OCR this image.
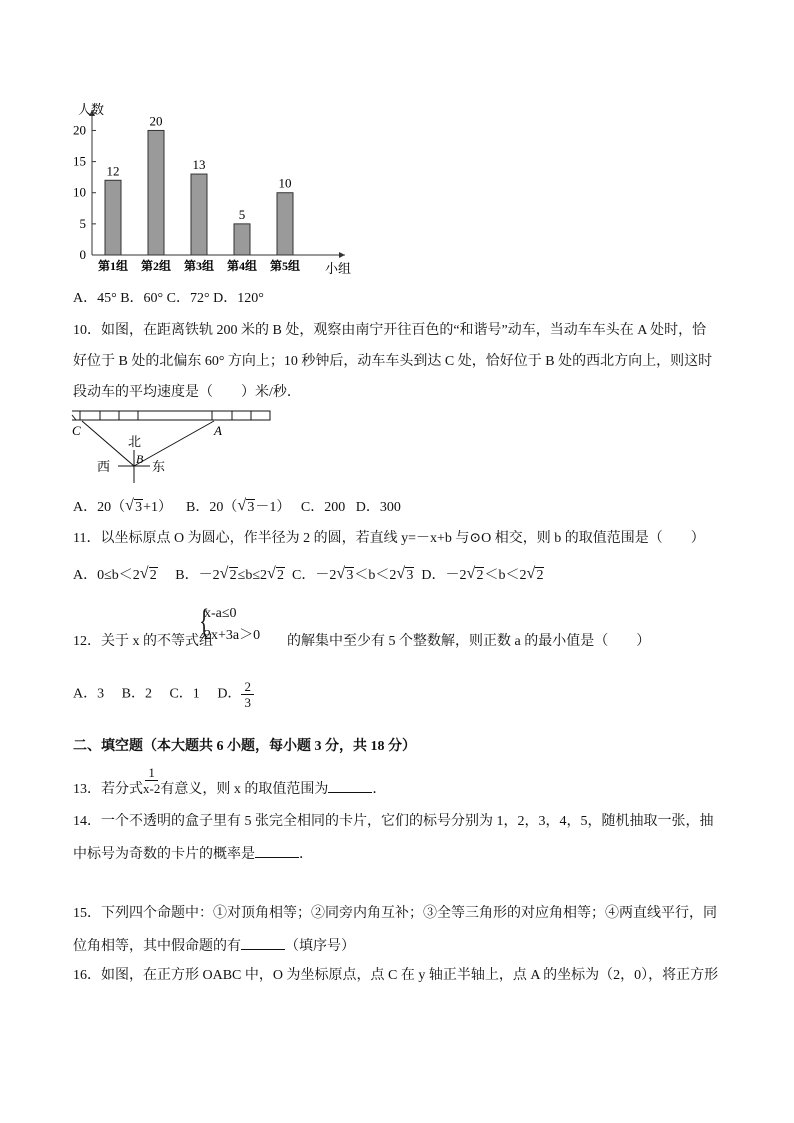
人数
小组
0
5
10
15
20
12
第1组
20
第2组
13
第3组
5
第4组
10
第5组
A．45° B．60° C．72° D．120°
10．如图，在距离铁轨 200 米的 B 处，观察由南宁开往百色的“和谐号”动车，当动车车头在 A 处时，恰
好位于 B 处的北偏东 60° 方向上；10 秒钟后，动车车头到达 C 处，恰好位于 B 处的西北方向上，则这时
段动车的平均速度是（　　）米/秒．
C	A
北
B
西	东
A．20（ √ 3+1） B．20（ √ 3－1） C．200 D．300
11．以坐标原点 O 为圆心，作半径为 2 的圆，若直线 y=－x+b 与⊙O 相交，则 b 的取值范围是（　　）
A．0≤b＜2 √ 2 B．－2 √ 2≤b≤2 √ 2 C．－2 √ 3＜b＜2 √ 3 D．－2 √ 2＜b＜2 √ 2
{
x-a≤0
2x+3a＞0
12．关于 x 的不等式组	的解集中至少有 5 个整数解，则正数 a 的最小值是（　　）
A．3 B．2 C．1 D． $\frac{2}{3}$
二、填空题（本大题共 6 小题，每小题 3 分，共 18 分）
13．若分式 $\frac{1}{x-2}$ 有意义，则 x 的取值范围为	．
14．一个不透明的盒子里有 5 张完全相同的卡片，它们的标号分别为 1，2，3，4，5，随机抽取一张，抽
中标号为奇数的卡片的概率是	．
15．下列四个命题中：①对顶角相等；②同旁内角互补；③全等三角形的对应角相等；④两直线平行，同
位角相等，其中假命题的有	（填序号）
16．如图，在正方形 OABC 中，O 为坐标原点，点 C 在 y 轴正半轴上，点 A 的坐标为（2，0），将正方形
